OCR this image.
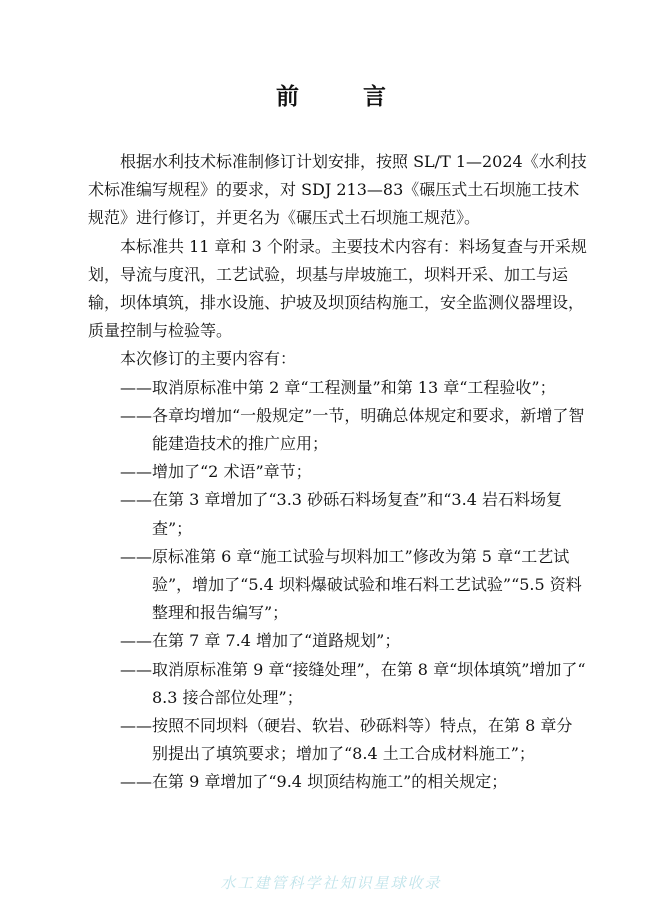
前 言

根据水利技术标准制修订计划安排，按照 SL/T 1—2024《水利技术标准编写规程》的要求，对 SDJ 213—83《碾压式土石坝施工技术规范》进行修订，并更名为《碾压式土石坝施工规范》。

本标准共 11 章和 3 个附录。主要技术内容有：料场复查与开采规划，导流与度汛，工艺试验，坝基与岸坡施工，坝料开采、加工与运输，坝体填筑，排水设施、护坡及坝顶结构施工，安全监测仪器埋设，质量控制与检验等。

本次修订的主要内容有：

——取消原标准中第 2 章“工程测量”和第 13 章“工程验收”；
——各章均增加“一般规定”一节，明确总体规定和要求，新增了智能建造技术的推广应用；
——增加了“2 术语”章节；
——在第 3 章增加了“3.3 砂砾石料场复查”和“3.4 岩石料场复查”；
——原标准第 6 章“施工试验与坝料加工”修改为第 5 章“工艺试验”，增加了“5.4 坝料爆破试验和堆石料工艺试验”“5.5 资料整理和报告编写”；
——在第 7 章 7.4 增加了“道路规划”；
——取消原标准第 9 章“接缝处理”，在第 8 章“坝体填筑”增加了“ 8.3 接合部位处理”；
——按照不同坝料（硬岩、软岩、砂砾料等）特点，在第 8 章分别提出了填筑要求；增加了“8.4 土工合成材料施工”；
——在第 9 章增加了“9.4 坝顶结构施工”的相关规定；
水工建管科学社知识星球收录
